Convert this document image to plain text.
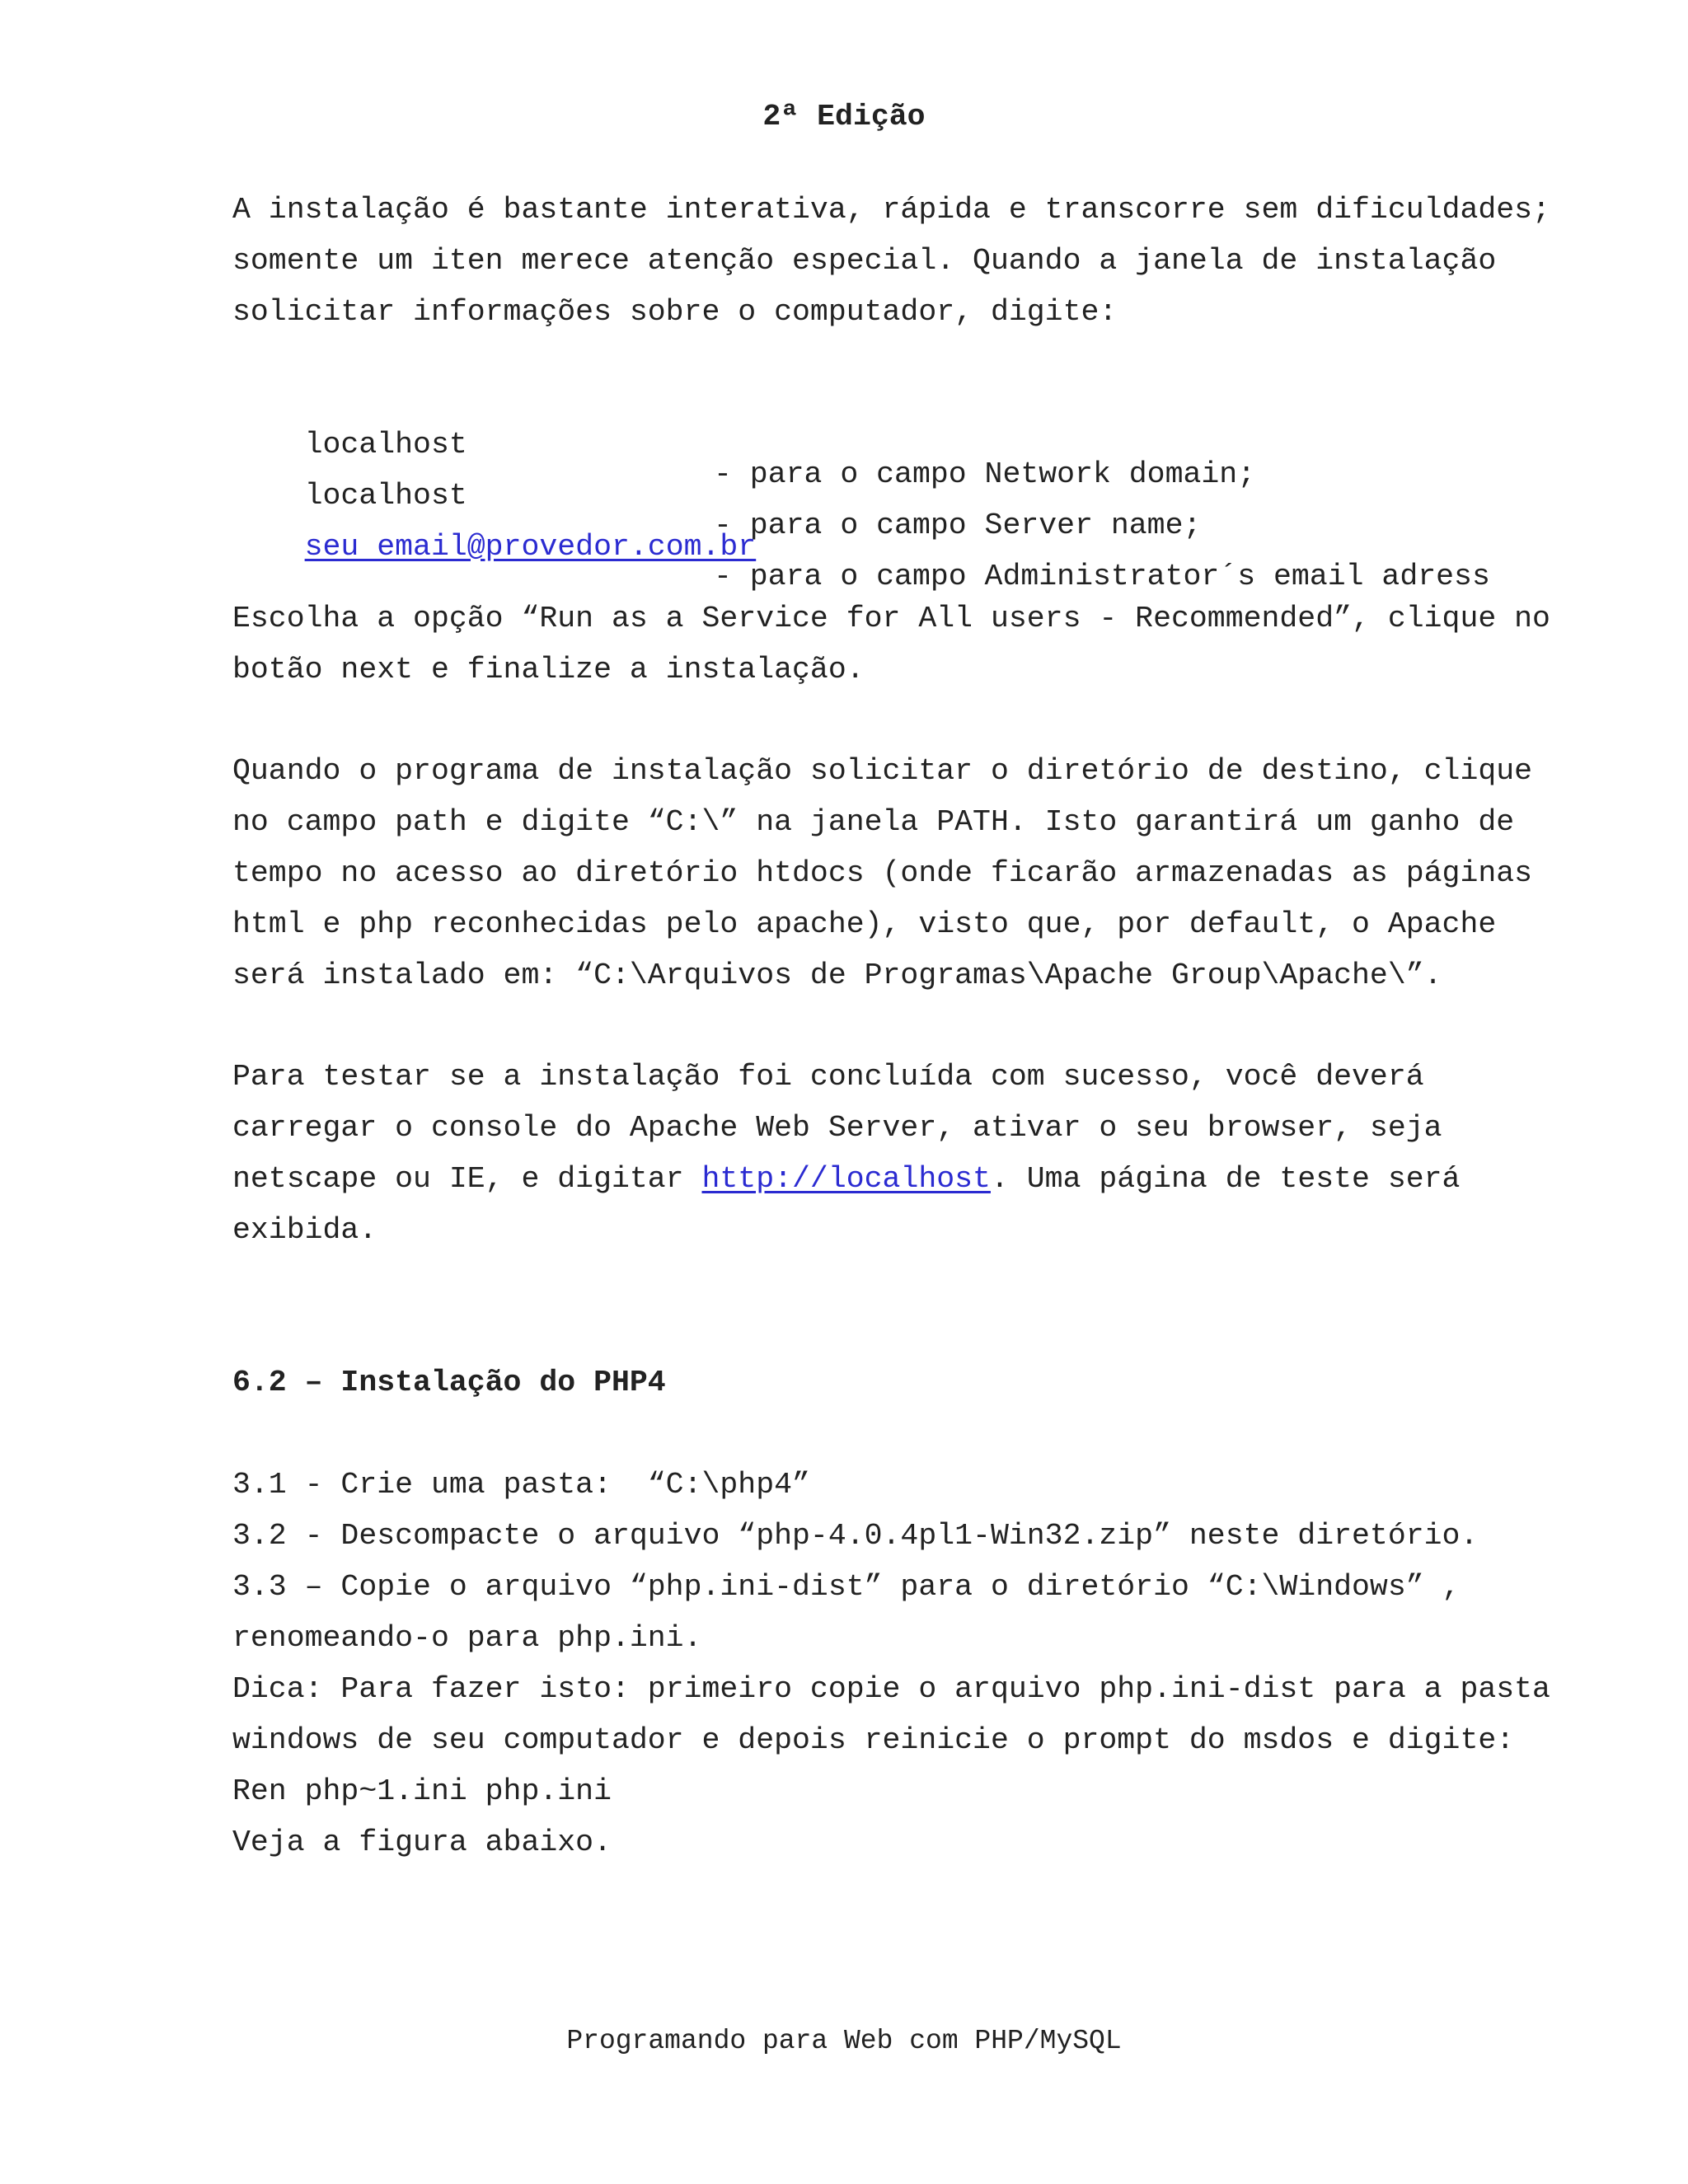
2ª Edição
A instalação é bastante interativa, rápida e transcorre sem dificuldades;
somente um iten merece atenção especial. Quando a janela de instalação
solicitar informações sobre o computador, digite:

localhost

- para o campo Network domain;

localhost

- para o campo Server name;

seu email@provedor.com.br

- para o campo Administrator´s email adress

Escolha a opção “Run as a Service for All users - Recommended”, clique no
botão next e finalize a instalação.
Quando o programa de instalação solicitar o diretório de destino, clique
no campo path e digite “C:\” na janela PATH. Isto garantirá um ganho de
tempo no acesso ao diretório htdocs (onde ficarão armazenadas as páginas
html e php reconhecidas pelo apache), visto que, por default, o Apache
será instalado em: “C:\Arquivos de Programas\Apache Group\Apache\”.
Para testar se a instalação foi concluída com sucesso, você deverá
carregar o console do Apache Web Server, ativar o seu browser, seja
netscape ou IE, e digitar http://localhost. Uma página de teste será
exibida.
6.2 – Instalação do PHP4
3.1 - Crie uma pasta:  “C:\php4”
3.2 - Descompacte o arquivo “php-4.0.4pl1-Win32.zip” neste diretório.
3.3 – Copie o arquivo “php.ini-dist” para o diretório “C:\Windows” ,
renomeando-o para php.ini.
Dica: Para fazer isto: primeiro copie o arquivo php.ini-dist para a pasta
windows de seu computador e depois reinicie o prompt do msdos e digite:
Ren php~1.ini php.ini
Veja a figura abaixo.
Programando para Web com PHP/MySQL
